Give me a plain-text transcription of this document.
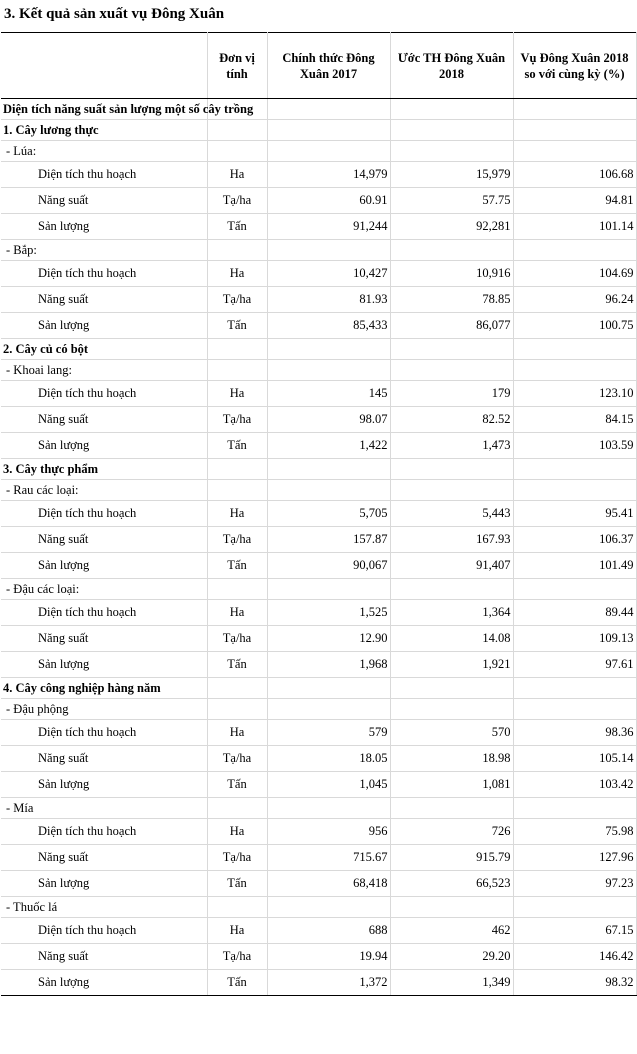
3. Kết quả sản xuất vụ Đông Xuân
	Đơn vị tính	Chính thức Đông Xuân 2017	Ước TH Đông Xuân 2018	Vụ Đông Xuân 2018 so với cùng kỳ (%)
Diện tích năng suất sản lượng một số cây trồng				
1. Cây lương thực				
- Lúa:				
Diện tích thu hoạch	Ha	14,979	15,979	106.68
Năng suất	Tạ/ha	60.91	57.75	94.81
Sản lượng	Tấn	91,244	92,281	101.14
- Bắp:				
Diện tích thu hoạch	Ha	10,427	10,916	104.69
Năng suất	Tạ/ha	81.93	78.85	96.24
Sản lượng	Tấn	85,433	86,077	100.75
2. Cây củ có bột				
- Khoai lang:				
Diện tích thu hoạch	Ha	145	179	123.10
Năng suất	Tạ/ha	98.07	82.52	84.15
Sản lượng	Tấn	1,422	1,473	103.59
3. Cây thực phẩm				
- Rau các loại:				
Diện tích thu hoạch	Ha	5,705	5,443	95.41
Năng suất	Tạ/ha	157.87	167.93	106.37
Sản lượng	Tấn	90,067	91,407	101.49
- Đậu các loại:				
Diện tích thu hoạch	Ha	1,525	1,364	89.44
Năng suất	Tạ/ha	12.90	14.08	109.13
Sản lượng	Tấn	1,968	1,921	97.61
4. Cây công nghiệp hàng năm				
- Đậu phộng				
Diện tích thu hoạch	Ha	579	570	98.36
Năng suất	Tạ/ha	18.05	18.98	105.14
Sản lượng	Tấn	1,045	1,081	103.42
- Mía				
Diện tích thu hoạch	Ha	956	726	75.98
Năng suất	Tạ/ha	715.67	915.79	127.96
Sản lượng	Tấn	68,418	66,523	97.23
- Thuốc lá				
Diện tích thu hoạch	Ha	688	462	67.15
Năng suất	Tạ/ha	19.94	29.20	146.42
Sản lượng	Tấn	1,372	1,349	98.32
